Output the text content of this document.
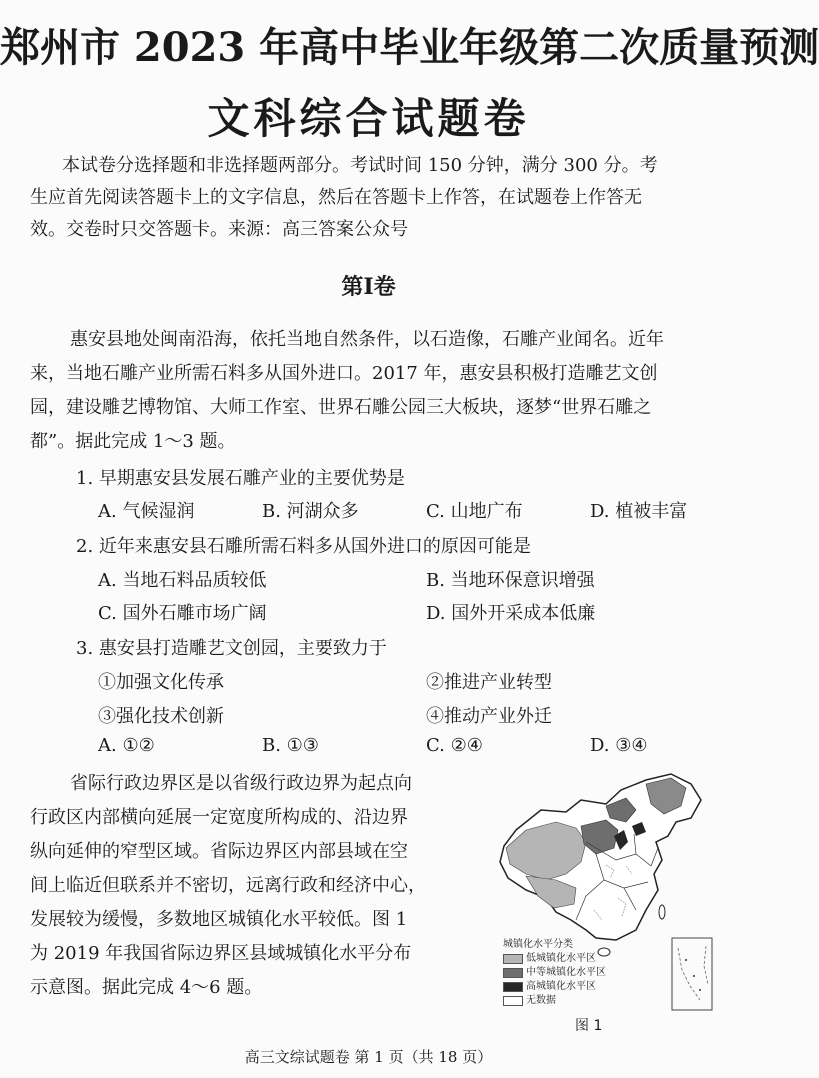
郑州市 2023 年高中毕业年级第二次质量预测
文科综合试题卷
本试卷分选择题和非选择题两部分。考试时间 150 分钟，满分 300 分。考
生应首先阅读答题卡上的文字信息，然后在答题卡上作答，在试题卷上作答无
效。交卷时只交答题卡。来源：高三答案公众号
第Ⅰ卷
惠安县地处闽南沿海，依托当地自然条件，以石造像，石雕产业闻名。近年
来，当地石雕产业所需石料多从国外进口。2017 年，惠安县积极打造雕艺文创
园，建设雕艺博物馆、大师工作室、世界石雕公园三大板块，逐梦“世界石雕之
都”。据此完成 1～3 题。
1. 早期惠安县发展石雕产业的主要优势是
A. 气候湿润	B. 河湖众多	C. 山地广布	D. 植被丰富
2. 近年来惠安县石雕所需石料多从国外进口的原因可能是
A. 当地石料品质较低	B. 当地环保意识增强
C. 国外石雕市场广阔	D. 国外开采成本低廉
3. 惠安县打造雕艺文创园，主要致力于
①加强文化传承	②推进产业转型
③强化技术创新	④推动产业外迁
A. ①②	B. ①③	C. ②④	D. ③④
省际行政边界区是以省级行政边界为起点向
行政区内部横向延展一定宽度所构成的、沿边界
纵向延伸的窄型区域。省际边界区内部县域在空
间上临近但联系并不密切，远离行政和经济中心，
发展较为缓慢，多数地区城镇化水平较低。图 1
为 2019 年我国省际边界区县域城镇化水平分布
示意图。据此完成 4～6 题。
城镇化水平分类
低城镇化水平区
中等城镇化水平区
高城镇化水平区
无数据
图 1
高三文综试题卷 第 1 页（共 18 页）
